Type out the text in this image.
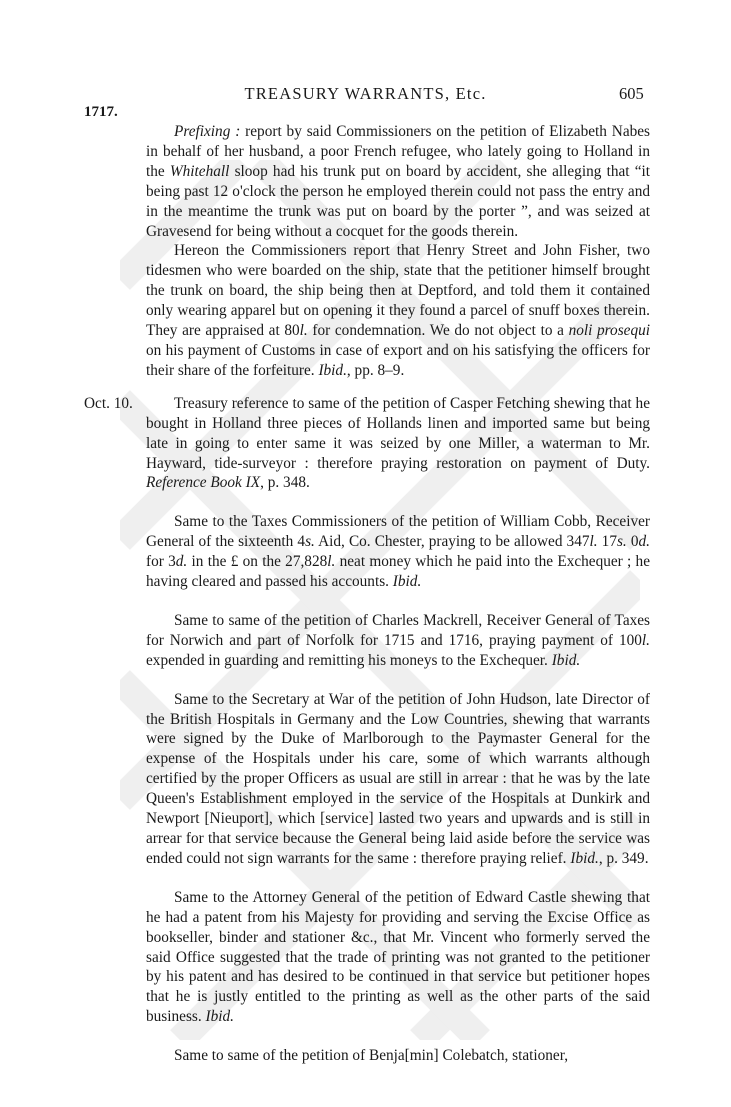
TREASURY WARRANTS, Etc.	605
1717.

Prefixing : report by said Commissioners on the petition of Elizabeth Nabes in behalf of her husband, a poor French refugee, who lately going to Holland in the Whitehall sloop had his trunk put on board by accident, she alleging that “it being past 12 o'clock the person he employed therein could not pass the entry and in the meantime the trunk was put on board by the porter ”, and was seized at Gravesend for being without a cocquet for the goods therein.

Hereon the Commissioners report that Henry Street and John Fisher, two tidesmen who were boarded on the ship, state that the petitioner himself brought the trunk on board, the ship being then at Deptford, and told them it contained only wearing apparel but on opening it they found a parcel of snuff boxes therein. They are appraised at 80l. for condemnation. We do not object to a noli prosequi on his payment of Customs in case of export and on his satisfying the officers for their share of the forfeiture. Ibid., pp. 8–9.

Oct. 10.	Treasury reference to same of the petition of Casper Fetching shewing that he bought in Holland three pieces of Hollands linen and imported same but being late in going to enter same it was seized by one Miller, a waterman to Mr. Hayward, tide-surveyor : therefore praying restoration on payment of Duty. Reference Book IX, p. 348.

Same to the Taxes Commissioners of the petition of William Cobb, Receiver General of the sixteenth 4s. Aid, Co. Chester, praying to be allowed 347l. 17s. 0d. for 3d. in the £ on the 27,828l. neat money which he paid into the Exchequer ; he having cleared and passed his accounts. Ibid.

Same to same of the petition of Charles Mackrell, Receiver General of Taxes for Norwich and part of Norfolk for 1715 and 1716, praying payment of 100l. expended in guarding and remitting his moneys to the Exchequer. Ibid.

Same to the Secretary at War of the petition of John Hudson, late Director of the British Hospitals in Germany and the Low Countries, shewing that warrants were signed by the Duke of Marlborough to the Paymaster General for the expense of the Hospitals under his care, some of which warrants although certified by the proper Officers as usual are still in arrear : that he was by the late Queen's Establishment employed in the service of the Hospitals at Dunkirk and Newport [Nieuport], which [service] lasted two years and upwards and is still in arrear for that service because the General being laid aside before the service was ended could not sign warrants for the same : therefore praying relief. Ibid., p. 349.

Same to the Attorney General of the petition of Edward Castle shewing that he had a patent from his Majesty for providing and serving the Excise Office as bookseller, binder and stationer &c., that Mr. Vincent who formerly served the said Office suggested that the trade of printing was not granted to the petitioner by his patent and has desired to be continued in that service but petitioner hopes that he is justly entitled to the printing as well as the other parts of the said business. Ibid.

Same to same of the petition of Benja[min] Colebatch, stationer,
